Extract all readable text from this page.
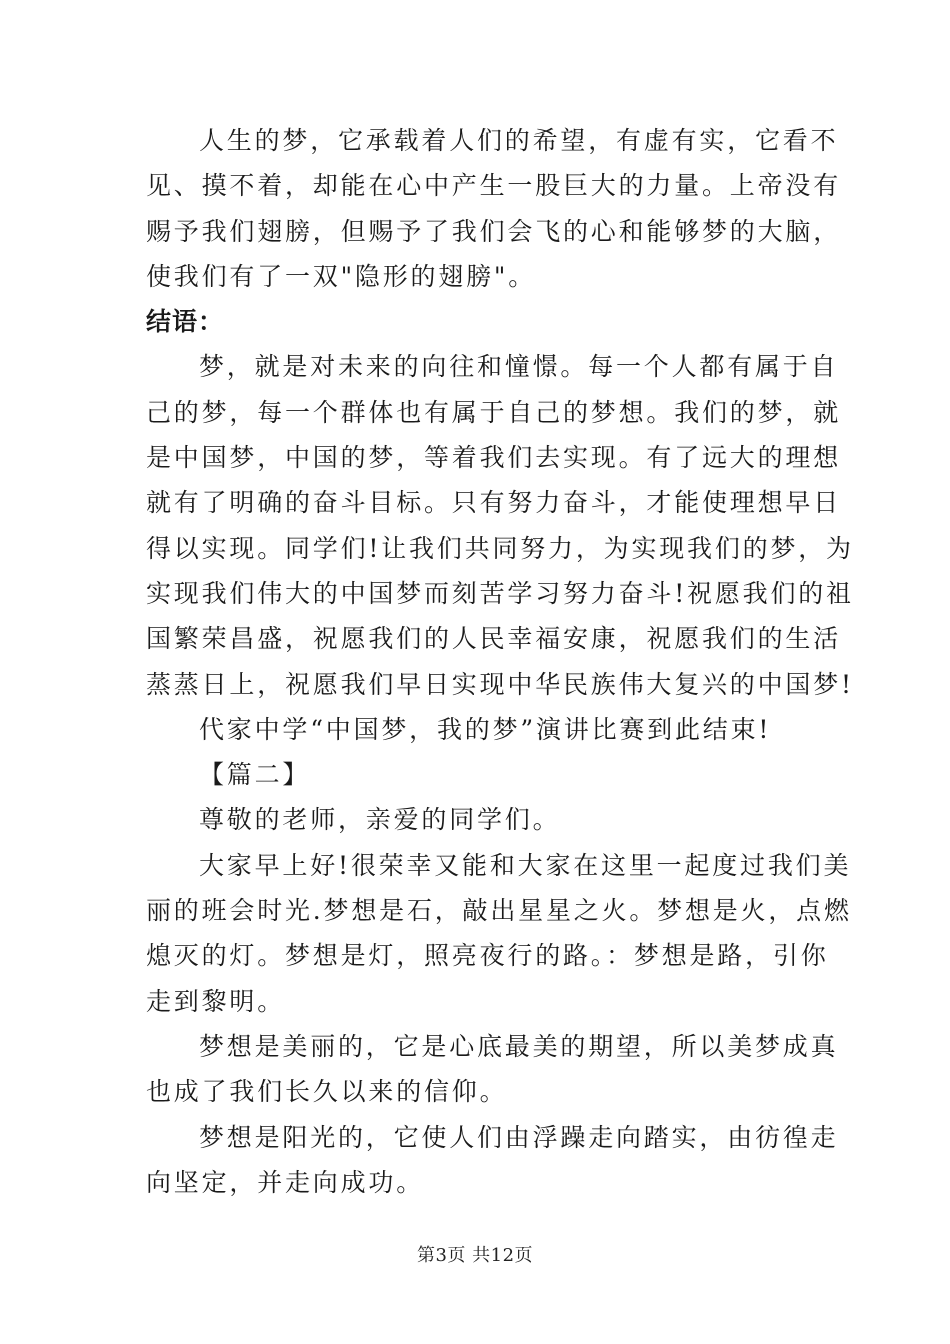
人生的梦，它承载着人们的希望，有虚有实，它看不
见、摸不着，却能在心中产生一股巨大的力量。上帝没有
赐予我们翅膀，但赐予了我们会飞的心和能够梦的大脑，
使我们有了一双"隐形的翅膀"。
结语：
梦，就是对未来的向往和憧憬。每一个人都有属于自
己的梦，每一个群体也有属于自己的梦想。我们的梦，就
是中国梦，中国的梦，等着我们去实现。有了远大的理想
就有了明确的奋斗目标。只有努力奋斗，才能使理想早日
得以实现。同学们!让我们共同努力，为实现我们的梦，为
实现我们伟大的中国梦而刻苦学习努力奋斗!祝愿我们的祖
国繁荣昌盛，祝愿我们的人民幸福安康，祝愿我们的生活
蒸蒸日上，祝愿我们早日实现中华民族伟大复兴的中国梦!
代家中学“中国梦，我的梦”演讲比赛到此结束!
【篇二】
尊敬的老师，亲爱的同学们。
大家早上好!很荣幸又能和大家在这里一起度过我们美
丽的班会时光.梦想是石，敲出星星之火。梦想是火，点燃
熄灭的灯。梦想是灯，照亮夜行的路。：梦想是路，引你
走到黎明。
梦想是美丽的，它是心底最美的期望，所以美梦成真
也成了我们长久以来的信仰。
梦想是阳光的，它使人们由浮躁走向踏实，由彷徨走
向坚定，并走向成功。
第3页 共12页
